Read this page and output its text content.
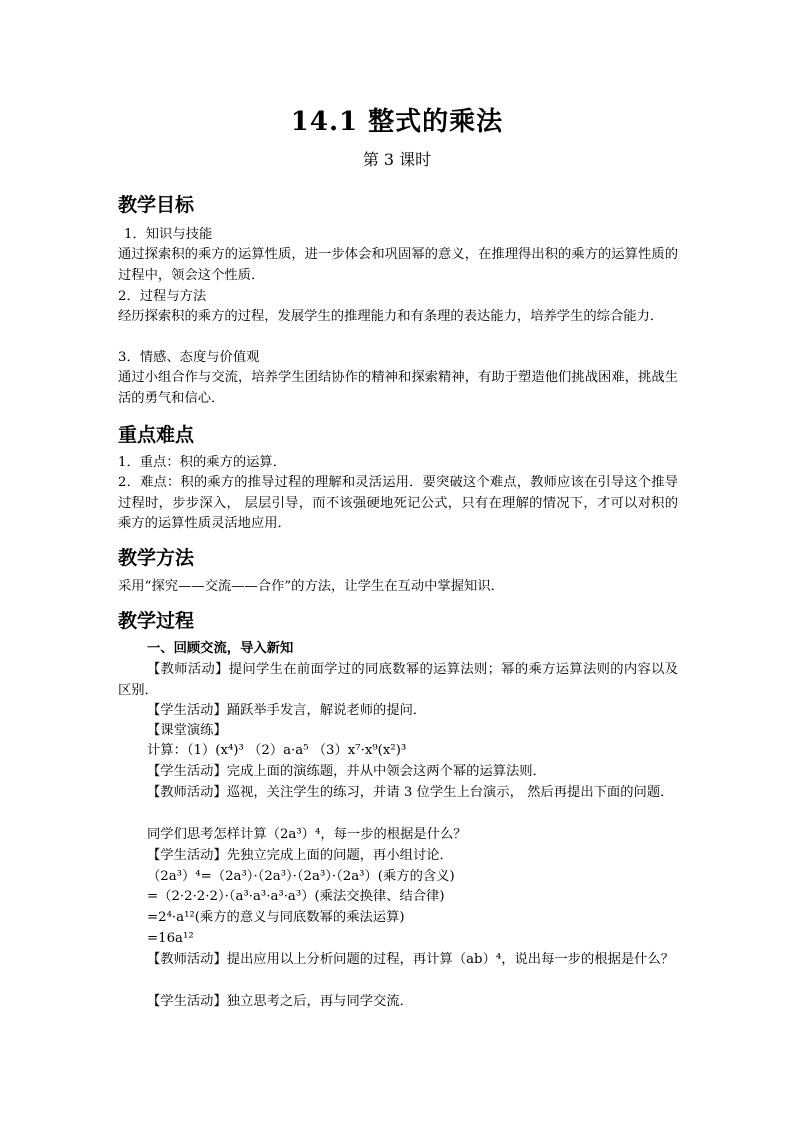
14.1 整式的乘法
第 3 课时
教学目标
1．知识与技能
通过探索积的乘方的运算性质，进一步体会和巩固幂的意义，在推理得出积的乘方的运算性质的过程中，领会这个性质．
2．过程与方法
经历探索积的乘方的过程，发展学生的推理能力和有条理的表达能力，培养学生的综合能力．
3．情感、态度与价值观
通过小组合作与交流，培养学生团结协作的精神和探索精神，有助于塑造他们挑战困难，挑战生活的勇气和信心．
重点难点
1．重点：积的乘方的运算．
2．难点：积的乘方的推导过程的理解和灵活运用．要突破这个难点，教师应该在引导这个推导过程时，步步深入， 层层引导，而不该强硬地死记公式，只有在理解的情况下，才可以对积的乘方的运算性质灵活地应用．
教学方法
采用“探究——交流——合作”的方法，让学生在互动中掌握知识．
教学过程
一、回顾交流，导入新知
【教师活动】提问学生在前面学过的同底数幂的运算法则；幂的乘方运算法则的内容以及区别．
【学生活动】踊跃举手发言，解说老师的提问．
【课堂演练】
计算：（1）(x⁴)³ （2）a·a⁵ （3）x⁷·x⁹(x²)³
【学生活动】完成上面的演练题，并从中领会这两个幂的运算法则．
【教师活动】巡视，关注学生的练习，并请 3 位学生上台演示， 然后再提出下面的问题．
同学们思考怎样计算（2a³）⁴，每一步的根据是什么？
【学生活动】先独立完成上面的问题，再小组讨论．
（2a³）⁴=（2a³）·（2a³）·（2a³）·（2a³）(乘方的含义)
=（2·2·2·2）·（a³·a³·a³·a³）(乘法交换律、结合律)
=2⁴·a¹²(乘方的意义与同底数幂的乘法运算)
=16a¹²
【教师活动】提出应用以上分析问题的过程，再计算（ab）⁴，说出每一步的根据是什么？
【学生活动】独立思考之后，再与同学交流．
